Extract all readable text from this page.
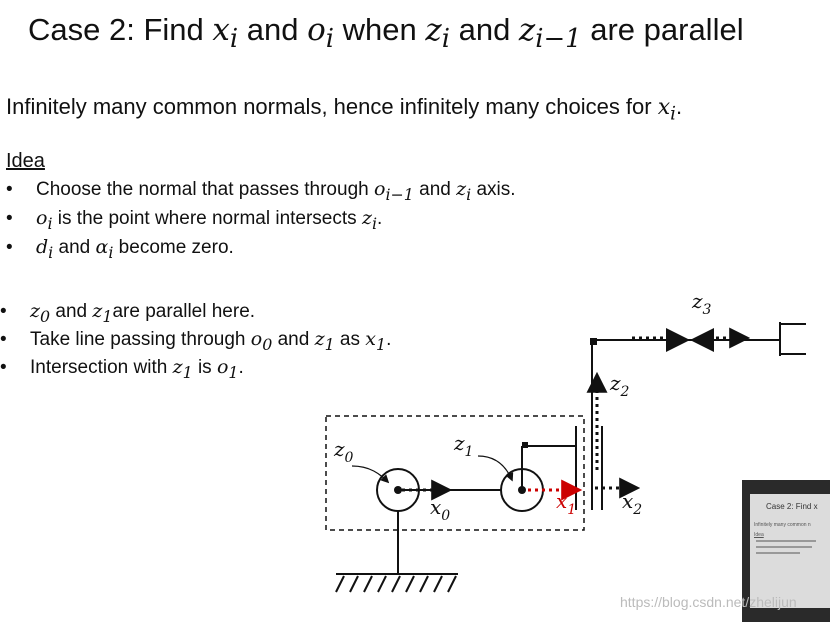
Case 2: Find $x_i$ and $o_i$ when $z_i$ and $z_{i-1}$ are parallel
Infinitely many common normals, hence infinitely many choices for $x_i$.
Idea
• Choose the normal that passes through $o_{i-1}$ and $z_i$ axis.
• $o_i$ is the point where normal intersects $z_i$.
• $d_i$ and $\alpha_i$ become zero.
• $z_0$ and $z_1are$ parallel here.
• Take line passing through $o_0$ and $z_1$ as $x_1$.
• Intersection with $z_1$ is $o_1$.
$z_0$
$z_1$
$z_2$
$z_3$
$x_0$
$x_1$ $x_2$	Case 2: Find x
Infinitely many common n
Idea
https://blog.csdn.net/zhelijun
